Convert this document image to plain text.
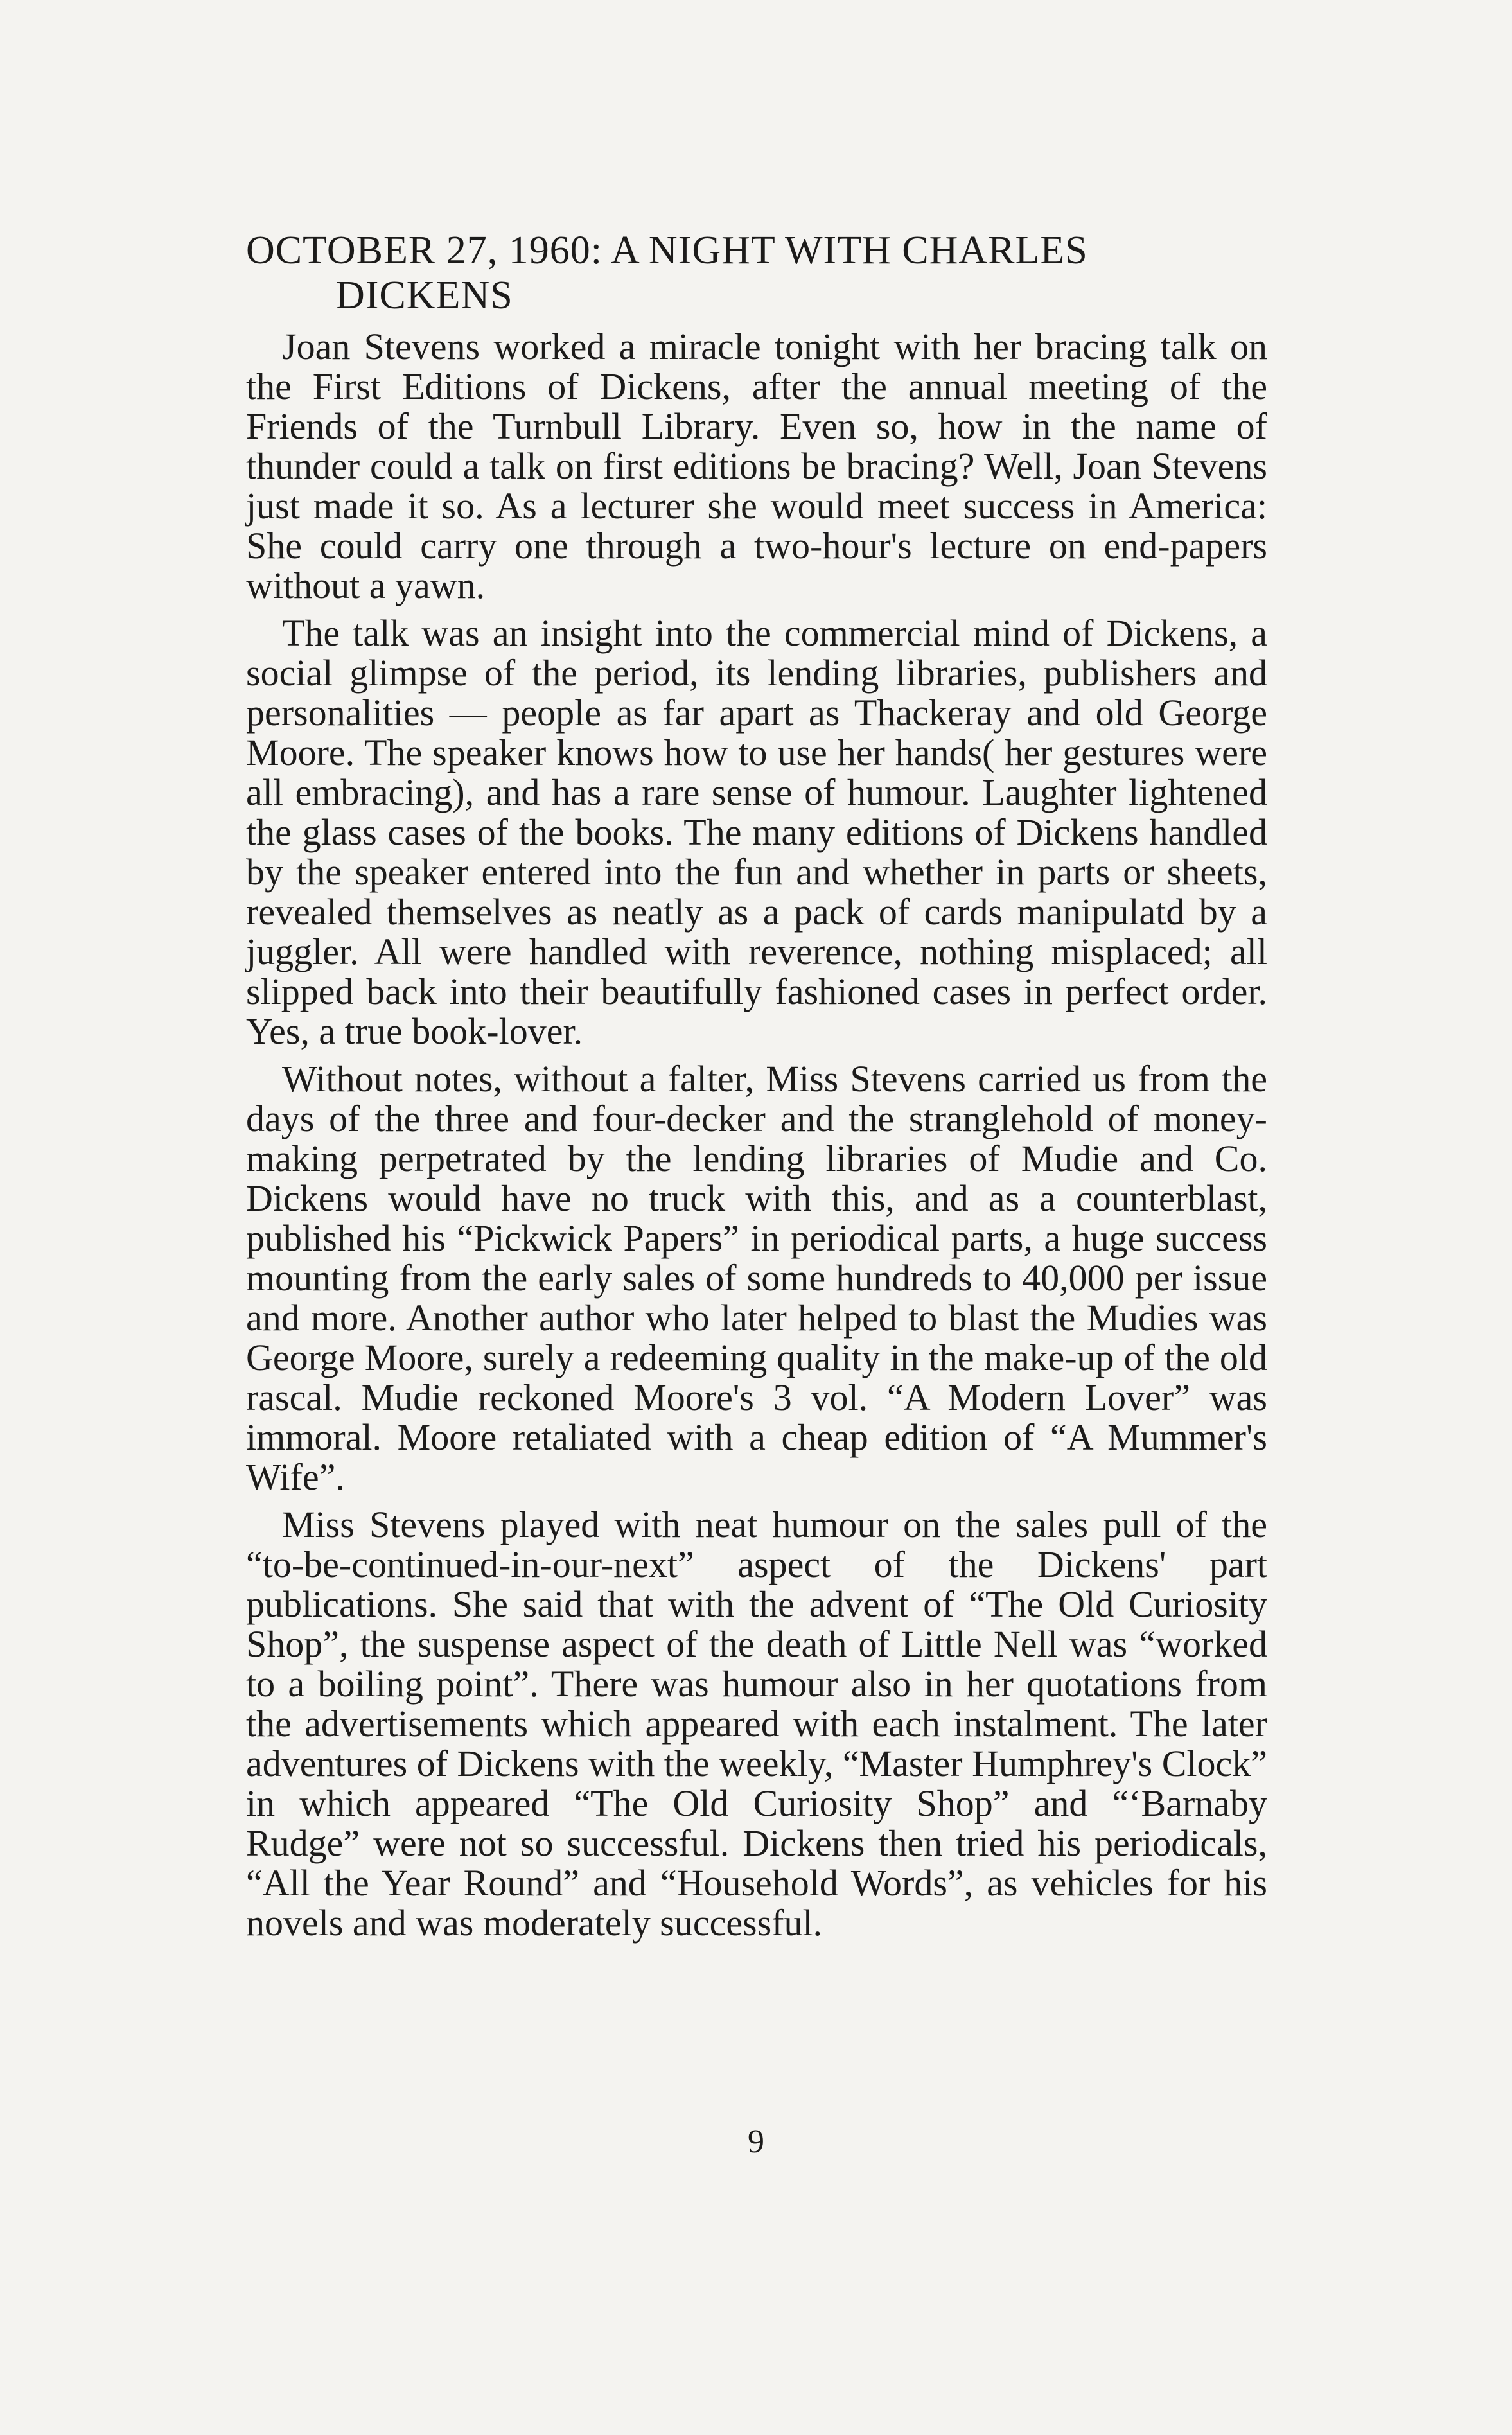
OCTOBER 27, 1960: A NIGHT WITH CHARLES DICKENS

Joan Stevens worked a miracle tonight with her bracing talk on the First Editions of Dickens, after the annual meeting of the Friends of the Turnbull Library. Even so, how in the name of thunder could a talk on first editions be bracing? Well, Joan Stevens just made it so. As a lecturer she would meet success in America: She could carry one through a two-hour's lecture on end-papers without a yawn.

The talk was an insight into the commercial mind of Dickens, a social glimpse of the period, its lending libraries, publishers and personalities — people as far apart as Thackeray and old George Moore. The speaker knows how to use her hands( her gestures were all embracing), and has a rare sense of humour. Laughter lightened the glass cases of the books. The many editions of Dickens handled by the speaker entered into the fun and whether in parts or sheets, revealed themselves as neatly as a pack of cards manipulatd by a juggler. All were handled with reverence, nothing misplaced; all slipped back into their beautifully fashioned cases in perfect order. Yes, a true book-lover.

Without notes, without a falter, Miss Stevens carried us from the days of the three and four-decker and the stranglehold of money-making perpetrated by the lending libraries of Mudie and Co. Dickens would have no truck with this, and as a counterblast, published his “Pickwick Papers” in periodical parts, a huge success mounting from the early sales of some hundreds to 40,000 per issue and more. Another author who later helped to blast the Mudies was George Moore, surely a redeeming quality in the make-up of the old rascal. Mudie reckoned Moore's 3 vol. “A Modern Lover” was immoral. Moore retaliated with a cheap edition of “A Mummer's Wife”.

Miss Stevens played with neat humour on the sales pull of the “to-be-continued-in-our-next” aspect of the Dickens' part publications. She said that with the advent of “The Old Curiosity Shop”, the suspense aspect of the death of Little Nell was “worked to a boiling point”. There was humour also in her quotations from the advertisements which appeared with each instalment. The later adventures of Dickens with the weekly, “Master Humphrey's Clock” in which appeared “The Old Curiosity Shop” and “‘Barnaby Rudge” were not so successful. Dickens then tried his periodicals, “All the Year Round” and “Household Words”, as vehicles for his novels and was moderately successful.

9
